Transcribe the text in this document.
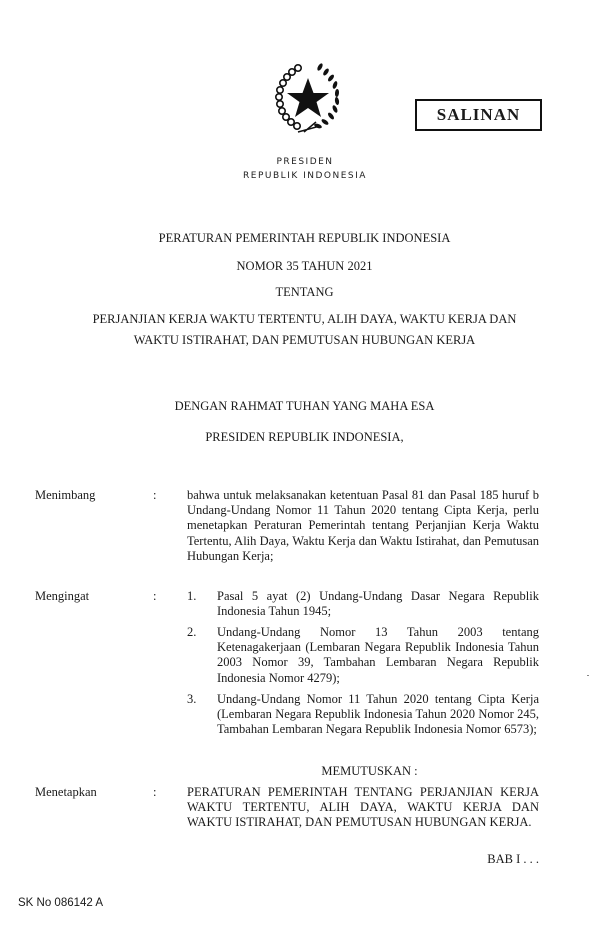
SALINAN
PRESIDEN
REPUBLIK INDONESIA
PERATURAN PEMERINTAH REPUBLIK INDONESIA
NOMOR 35 TAHUN 2021
TENTANG
PERJANJIAN KERJA WAKTU TERTENTU, ALIH DAYA, WAKTU KERJA DAN
WAKTU ISTIRAHAT, DAN PEMUTUSAN HUBUNGAN KERJA
DENGAN RAHMAT TUHAN YANG MAHA ESA
PRESIDEN REPUBLIK INDONESIA,
Menimbang	: bahwa untuk melaksanakan ketentuan Pasal 81 dan Pasal 185 huruf b Undang-Undang Nomor 11 Tahun 2020 tentang Cipta Kerja, perlu menetapkan Peraturan Pemerintah tentang Perjanjian Kerja Waktu Tertentu, Alih Daya, Waktu Kerja dan Waktu Istirahat, dan Pemutusan Hubungan Kerja;
Mengingat	: 1. Pasal 5 ayat (2) Undang-Undang Dasar Negara Republik Indonesia Tahun 1945;
2. Undang-Undang Nomor 13 Tahun 2003 tentang Ketenagakerjaan (Lembaran Negara Republik Indonesia Tahun 2003 Nomor 39, Tambahan Lembaran Negara Republik Indonesia Nomor 4279);
3. Undang-Undang Nomor 11 Tahun 2020 tentang Cipta Kerja (Lembaran Negara Republik Indonesia Tahun 2020 Nomor 245, Tambahan Lembaran Negara Republik Indonesia Nomor 6573);
MEMUTUSKAN :
Menetapkan	: PERATURAN PEMERINTAH TENTANG PERJANJIAN KERJA WAKTU TERTENTU, ALIH DAYA, WAKTU KERJA DAN WAKTU ISTIRAHAT, DAN PEMUTUSAN HUBUNGAN KERJA.
BAB I . . .
SK No 086142 A
